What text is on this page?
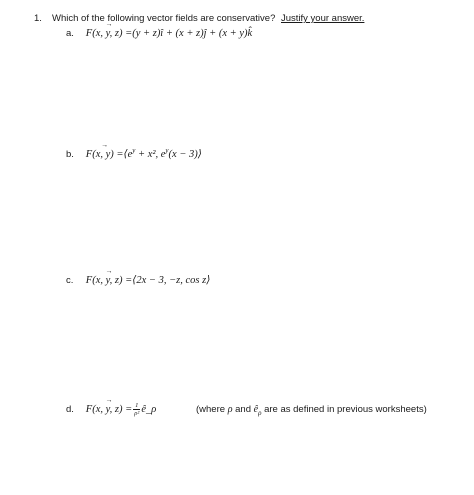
1. Which of the following vector fields are conservative? Justify your answer.
a. → F(x, y, z) =(y + z)î + (x + z)ĵ + (x + y)k̂
b. → F(x, $y) =⟨e^y + x^2$, $e^y(x$ − 3)⟩
c. → F(x, y, z) =⟨2x − 3, −z, cos z⟩
d. → F(x, y, $z) = \frac{1}{\text{ρ²}}$ ê_ρ	(where ρ and $ê_\rho$ are as defined in previous worksheets)
